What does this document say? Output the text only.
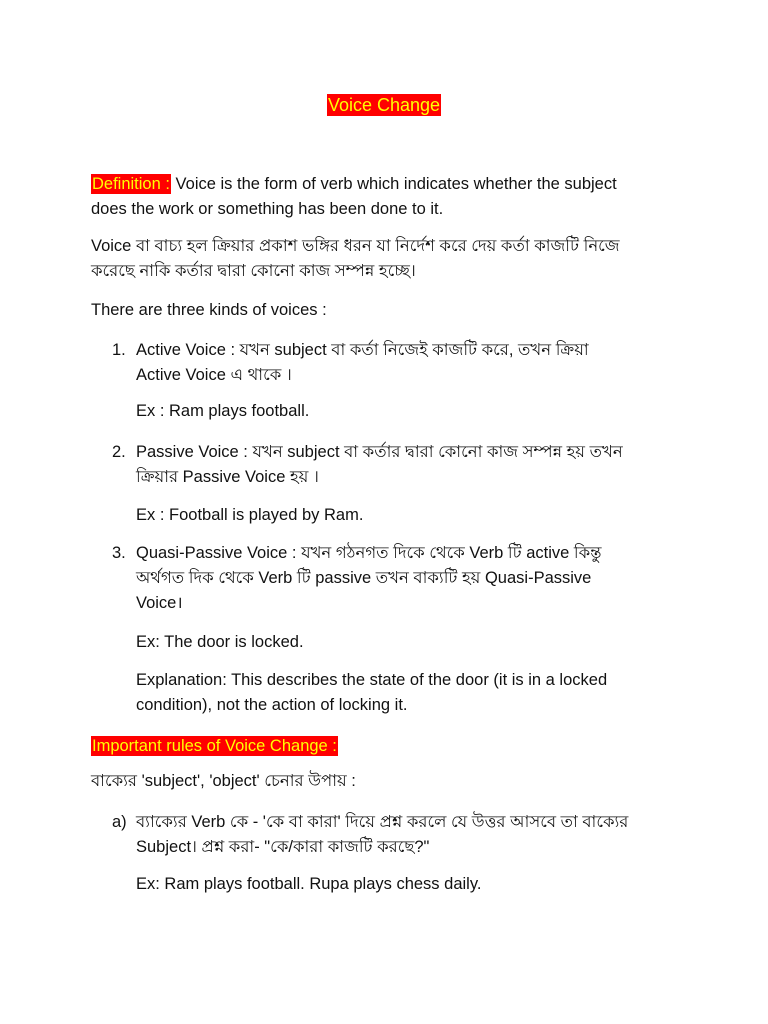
Voice Change
Definition : Voice is the form of verb which indicates whether the subject
does the work or something has been done to it.
Voice বা বাচ্য হল ক্রিয়ার প্রকাশ ভঙ্গির ধরন যা নির্দেশ করে দেয় কর্তা কাজটি নিজে
করেছে নাকি কর্তার দ্বারা কোনো কাজ সম্পন্ন হচ্ছে।
There are three kinds of voices :
1. Active Voice : যখন subject বা কর্তা নিজেই কাজটি করে, তখন ক্রিয়া
Active Voice এ থাকে ।
Ex : Ram plays football.
2. Passive Voice : যখন subject বা কর্তার দ্বারা কোনো কাজ সম্পন্ন হয় তখন
ক্রিয়ার Passive Voice হয় ।
Ex : Football is played by Ram.
3. Quasi-Passive Voice : যখন গঠনগত দিকে থেকে Verb টি active কিন্তু
অর্থগত দিক থেকে Verb টি passive তখন বাক্যটি হয় Quasi-Passive
Voice।
Ex: The door is locked.
Explanation: This describes the state of the door (it is in a locked
condition), not the action of locking it.
Important rules of Voice Change :
বাক্যের 'subject', 'object' চেনার উপায় :
a) ব্যাক্যের Verb কে - 'কে বা কারা' দিয়ে প্রশ্ন করলে যে উত্তর আসবে তা বাক্যের
Subject। প্রশ্ন করা- "কে/কারা কাজটি করছে?"
Ex: Ram plays football. Rupa plays chess daily.
